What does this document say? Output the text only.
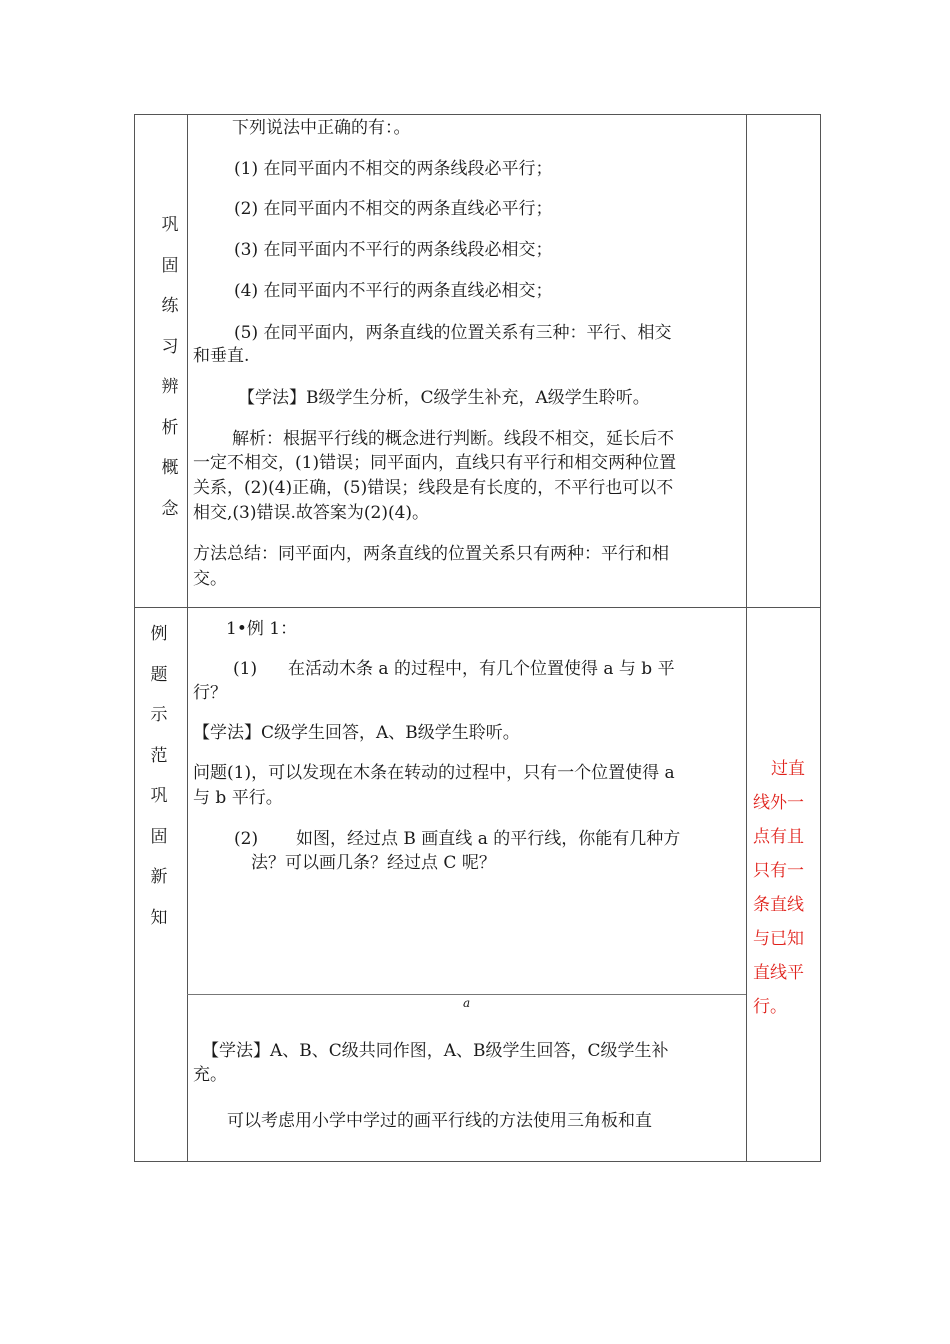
巩
固
练
习
辨
析
概
念
下列说法中正确的有：。
(1) 在同平面内不相交的两条线段必平行；
(2) 在同平面内不相交的两条直线必平行；
(3) 在同平面内不平行的两条线段必相交；
(4) 在同平面内不平行的两条直线必相交；
(5) 在同平面内，两条直线的位置关系有三种：平行、相交
和垂直.
【学法】B级学生分析，C级学生补充，A级学生聆听。
解析：根据平行线的概念进行判断。线段不相交，延长后不
一定不相交，(1)错误；同平面内，直线只有平行和相交两种位置
关系，(2)(4)正确，(5)错误；线段是有长度的，不平行也可以不
相交,(3)错误.故答案为(2)(4)。
方法总结：同平面内，两条直线的位置关系只有两种：平行和相
交。
例
题
示
范
巩
固
新
知
1•例 1：
(1) 在活动木条 a 的过程中，有几个位置使得 a 与 b 平
行？
【学法】C级学生回答，A、B级学生聆听。
问题(1)，可以发现在木条在转动的过程中，只有一个位置使得 a
与 b 平行。
(2) 如图，经过点 B 画直线 a 的平行线，你能有几种方
法？可以画几条？经过点 C 呢？
a
【学法】A、B、C级共同作图，A、B级学生回答，C级学生补
充。
可以考虑用小学中学过的画平行线的方法使用三角板和直
过直
线外一
点有且
只有一
条直线
与已知
直线平
行。
